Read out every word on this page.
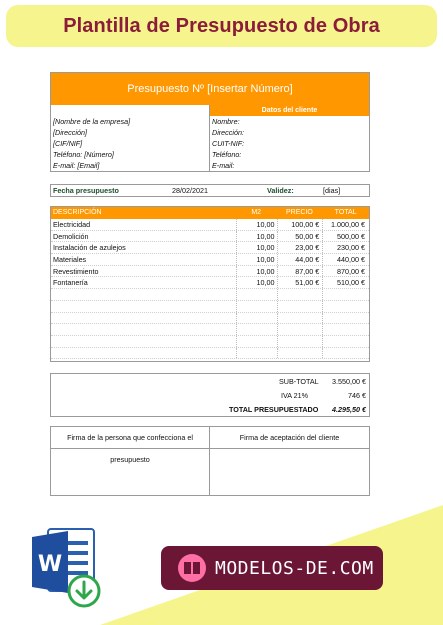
Plantilla de Presupuesto de Obra
Presupuesto Nº [Insertar Número]
[Nombre de la empresa]
[Dirección]
[CIF/NIF]
Teléfono: [Número]
E-mail: [Email]
Datos del cliente
Nombre:
Dirección:
CUIT-NIF:
Teléfono:
E-mail:
Fecha presupuesto	28/02/2021	Validez:	[dias]
DESCRIPCIÓN	M2	PRECIO	TOTAL
Electricidad	10,00	100,00 €	1.000,00 €
Demolición	10,00	50,00 €	500,00 €
Instalación de azulejos	10,00	23,00 €	230,00 €
Materiales	10,00	44,00 €	440,00 €
Revestimiento	10,00	87,00 €	870,00 €
Fontanería	10,00	51,00 €	510,00 €
SUB-TOTAL 3.550,00 €
IVA 21%	746 €
TOTAL PRESUPUESTADO 4.295,50 €
Firma de la persona que confecciona el presupuesto
Firma de aceptación del cliente
W	MODELOS-DE.COM
